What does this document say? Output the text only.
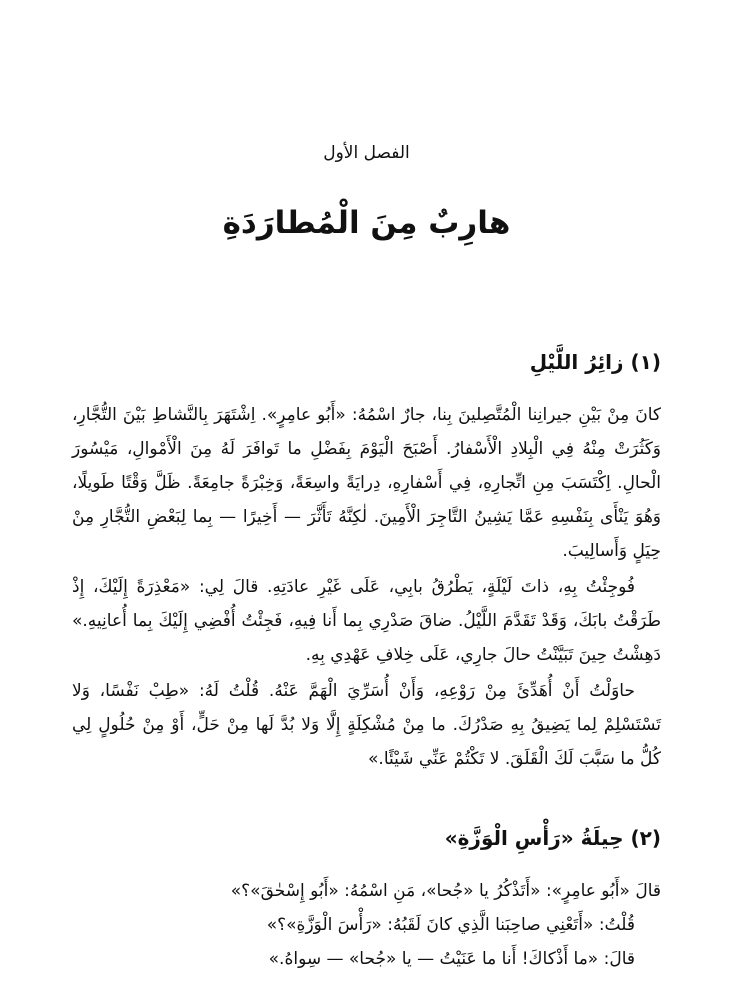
الفصل الأول
هارِبٌ مِنَ الْمُطارَدَةِ
(١) زائِرُ اللَّيْلِ

كانَ مِنْ بَيْنِ جيرانِنا الْمُتَّصِلينَ بِنا، جارٌ اسْمُهُ: «أَبُو عامِرٍ». اِشْتَهَرَ بِالنَّشاطِ بَيْنَ التُّجَّارِ، وَكَثُرَتْ مِنْهُ فِي الْبِلادِ الْأَسْفارُ. أَصْبَحَ الْيَوْمَ بِفَضْلِ ما تَوافَرَ لَهُ مِنَ الْأَمْوالِ، مَيْسُورَ الْحالِ. اِكْتَسَبَ مِنِ اتِّجارِهِ، فِي أَسْفارِهِ، دِرايَةً واسِعَةً، وَخِبْرَةً جامِعَةً. ظَلَّ وَقْتًا طَويلًا، وَهُوَ يَنْأَى بِنَفْسِهِ عَمَّا يَشِينُ التَّاجِرَ الْأَمِينَ. لٰكِنَّهُ تَأَثَّرَ — أَخِيرًا — بِما لِبَعْضِ التُّجَّارِ مِنْ حِيَلٍ وَأَسالِيبَ.

فُوجِئْتُ بِهِ، ذاتَ لَيْلَةٍ، يَطْرُقُ بابِي، عَلَى غَيْرِ عادَتِهِ. قالَ لِي: «مَعْذِرَةً إِلَيْكَ، إِذْ طَرَقْتُ بابَكَ، وَقَدْ تَقَدَّمَ اللَّيْلُ. ضاقَ صَدْرِي بِما أَنا فِيهِ، فَجِئْتُ أُفْضِي إِلَيْكَ بِما أُعانِيهِ.» دَهِشْتُ حِينَ تَبَيَّنْتُ حالَ جارِي، عَلَى خِلافِ عَهْدِي بِهِ.

حاوَلْتُ أَنْ أُهَدِّئَ مِنْ رَوْعِهِ، وَأَنْ أُسَرِّيَ الْهَمَّ عَنْهُ. قُلْتُ لَهُ: «طِبْ نَفْسًا، وَلا تَسْتَسْلِمْ لِما يَضِيقُ بِهِ صَدْرُكَ. ما مِنْ مُشْكِلَةٍ إِلَّا وَلا بُدَّ لَها مِنْ حَلٍّ، أَوْ مِنْ حُلُولٍ لِي كُلُّ ما سَبَّبَ لَكَ الْقَلَقَ. لا تَكْتُمْ عَنِّي شَيْئًا.»

(٢) حِيلَةُ «رَأْسِ الْوَزَّةِ»

قالَ «أَبُو عامِرٍ»: «أَتَذْكُرُ يا «جُحا»، مَنِ اسْمُهُ: «أَبُو إِسْحٰقَ»؟»

قُلْتُ: «أَتَعْنِي صاحِبَنا الَّذِي كانَ لَقَبُهُ: «رَأْسَ الْوَزَّةِ»؟»

قالَ: «ما أَذْكاكَ! أَنا ما عَنَيْتُ — يا «جُحا» — سِواهُ.»
